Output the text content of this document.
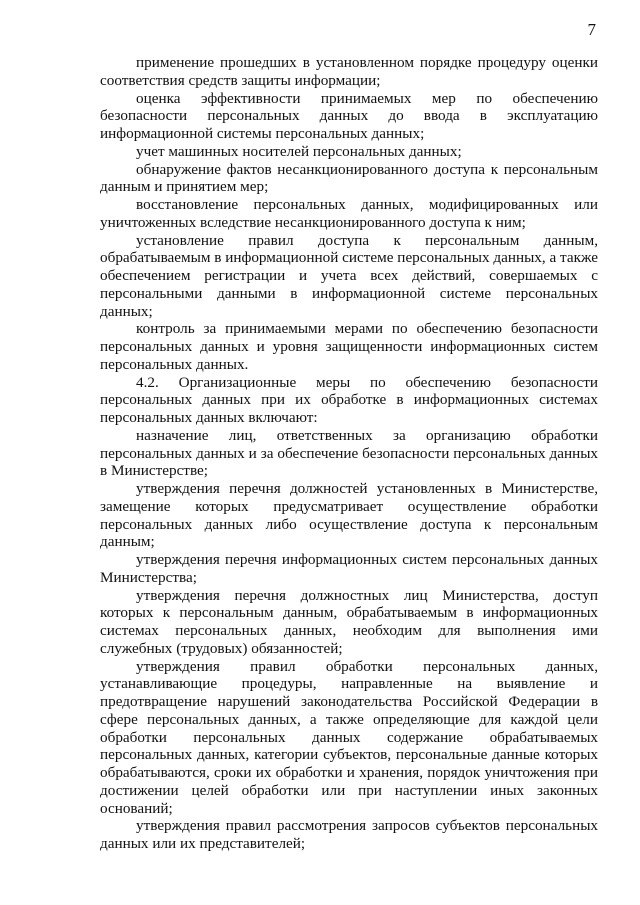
7

применение прошедших в установленном порядке процедуру оценки соответствия средств защиты информации;

оценка эффективности принимаемых мер по обеспечению безопасности персональных данных до ввода в эксплуатацию информационной системы персональных данных;

учет машинных носителей персональных данных;

обнаружение фактов несанкционированного доступа к персональным данным и принятием мер;

восстановление персональных данных, модифицированных или уничтоженных вследствие несанкционированного доступа к ним;

установление правил доступа к персональным данным, обрабатываемым в информационной системе персональных данных, а также обеспечением регистрации и учета всех действий, совершаемых с персональными данными в информационной системе персональных данных;

контроль за принимаемыми мерами по обеспечению безопасности персональных данных и уровня защищенности информационных систем персональных данных.

4.2. Организационные меры по обеспечению безопасности персональных данных при их обработке в информационных системах персональных данных включают:

назначение лиц, ответственных за организацию обработки персональных данных и за обеспечение безопасности персональных данных в Министерстве;

утверждения перечня должностей установленных в Министерстве, замещение которых предусматривает осуществление обработки персональных данных либо осуществление доступа к персональным данным;

утверждения перечня информационных систем персональных данных Министерства;

утверждения перечня должностных лиц Министерства, доступ которых к персональным данным, обрабатываемым в информационных системах персональных данных, необходим для выполнения ими служебных (трудовых) обязанностей;

утверждения правил обработки персональных данных, устанавливающие процедуры, направленные на выявление и предотвращение нарушений законодательства Российской Федерации в сфере персональных данных, а также определяющие для каждой цели обработки персональных данных содержание обрабатываемых персональных данных, категории субъектов, персональные данные которых обрабатываются, сроки их обработки и хранения, порядок уничтожения при достижении целей обработки или при наступлении иных законных оснований;

утверждения правил рассмотрения запросов субъектов персональных данных или их представителей;
